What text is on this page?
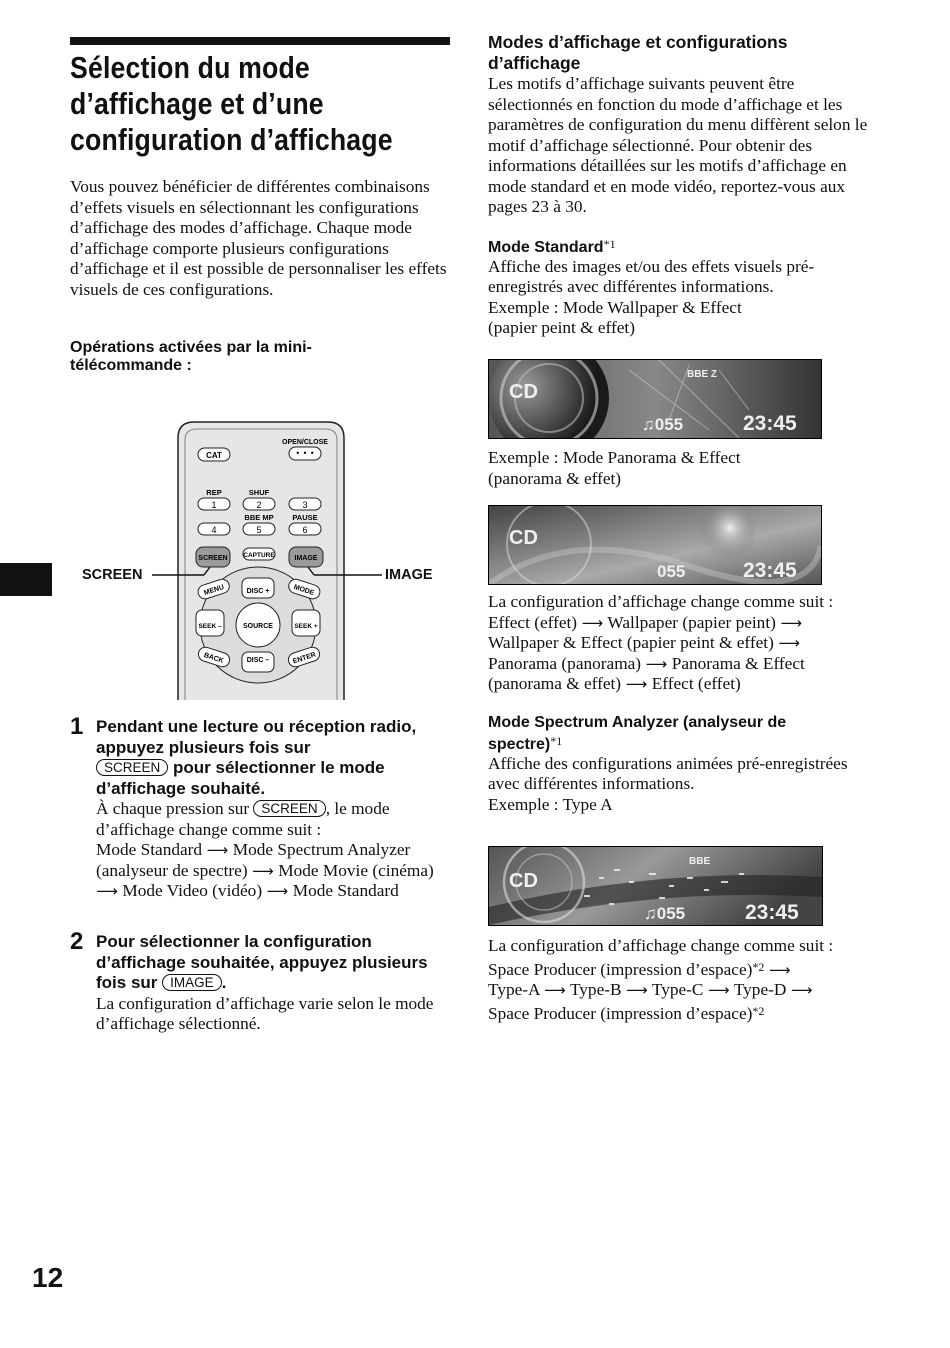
Sélection du mode d’affichage et d’une configuration d’affichage

Vous pouvez bénéficier de différentes combinaisons d’effets visuels en sélectionnant les configurations d’affichage des modes d’affichage. Chaque mode d’affichage comporte plusieurs configurations d’affichage et il est possible de personnaliser les effets visuels de ces configurations.

Opérations activées par la mini-télécommande :

CAT
OPEN/CLOSE
• • •
REP	SHUF
1	2	3
BBE MP	PAUSE
4	5	6
SCREEN CAPTURE	IMAGE
SOURCE
DISC +
DISC –
SEEK –	SEEK +
MENU	MODE
BACK	ENTER
SCREEN	IMAGE
1 Pendant une lecture ou réception radio, appuyez plusieurs fois sur
SCREEN pour sélectionner le mode d’affichage souhaité.

À chaque pression sur SCREEN , le mode d’affichage change comme suit :
Mode Standard ⟶ Mode Spectrum Analyzer (analyseur de spectre) ⟶ Mode Movie (cinéma) ⟶ Mode Video (vidéo) ⟶ Mode Standard

2 Pour sélectionner la configuration d’affichage souhaitée, appuyez plusieurs fois sur IMAGE .

La configuration d’affichage varie selon le mode d’affichage sélectionné.

Modes d’affichage et configurations d’affichage

Les motifs d’affichage suivants peuvent être sélectionnés en fonction du mode d’affichage et les paramètres de configuration du menu diffèrent selon le motif d’affichage sélectionné. Pour obtenir des informations détaillées sur les motifs d’affichage en mode standard et en mode vidéo, reportez-vous aux pages 23 à 30.

Mode Standard$^{*1}$

Affiche des images et/ou des effets visuels pré-enregistrés avec différentes informations.

Exemple : Mode Wallpaper & Effect
(papier peint & effet)

CD
BBE Z
♫055	23:45

Exemple : Mode Panorama & Effect
(panorama & effet)

CD
055	23:45

La configuration d’affichage change comme suit :

Effect (effet) ⟶ Wallpaper (papier peint) ⟶
Wallpaper & Effect (papier peint & effet) ⟶
Panorama (panorama) ⟶ Panorama & Effect (panorama & effet) ⟶ Effect (effet)

Mode Spectrum Analyzer (analyseur de spectre)$^{*1}$

Affiche des configurations animées pré-enregistrées avec différentes informations.

Exemple : Type A

CD
BBE
♫055	23:45

La configuration d’affichage change comme suit :

Space Producer (impression d’espace)$^{*2}$ ⟶
Type-A ⟶ Type-B ⟶ Type-C ⟶ Type-D ⟶
Space Producer (impression d’espace)$^{*2}$

12
